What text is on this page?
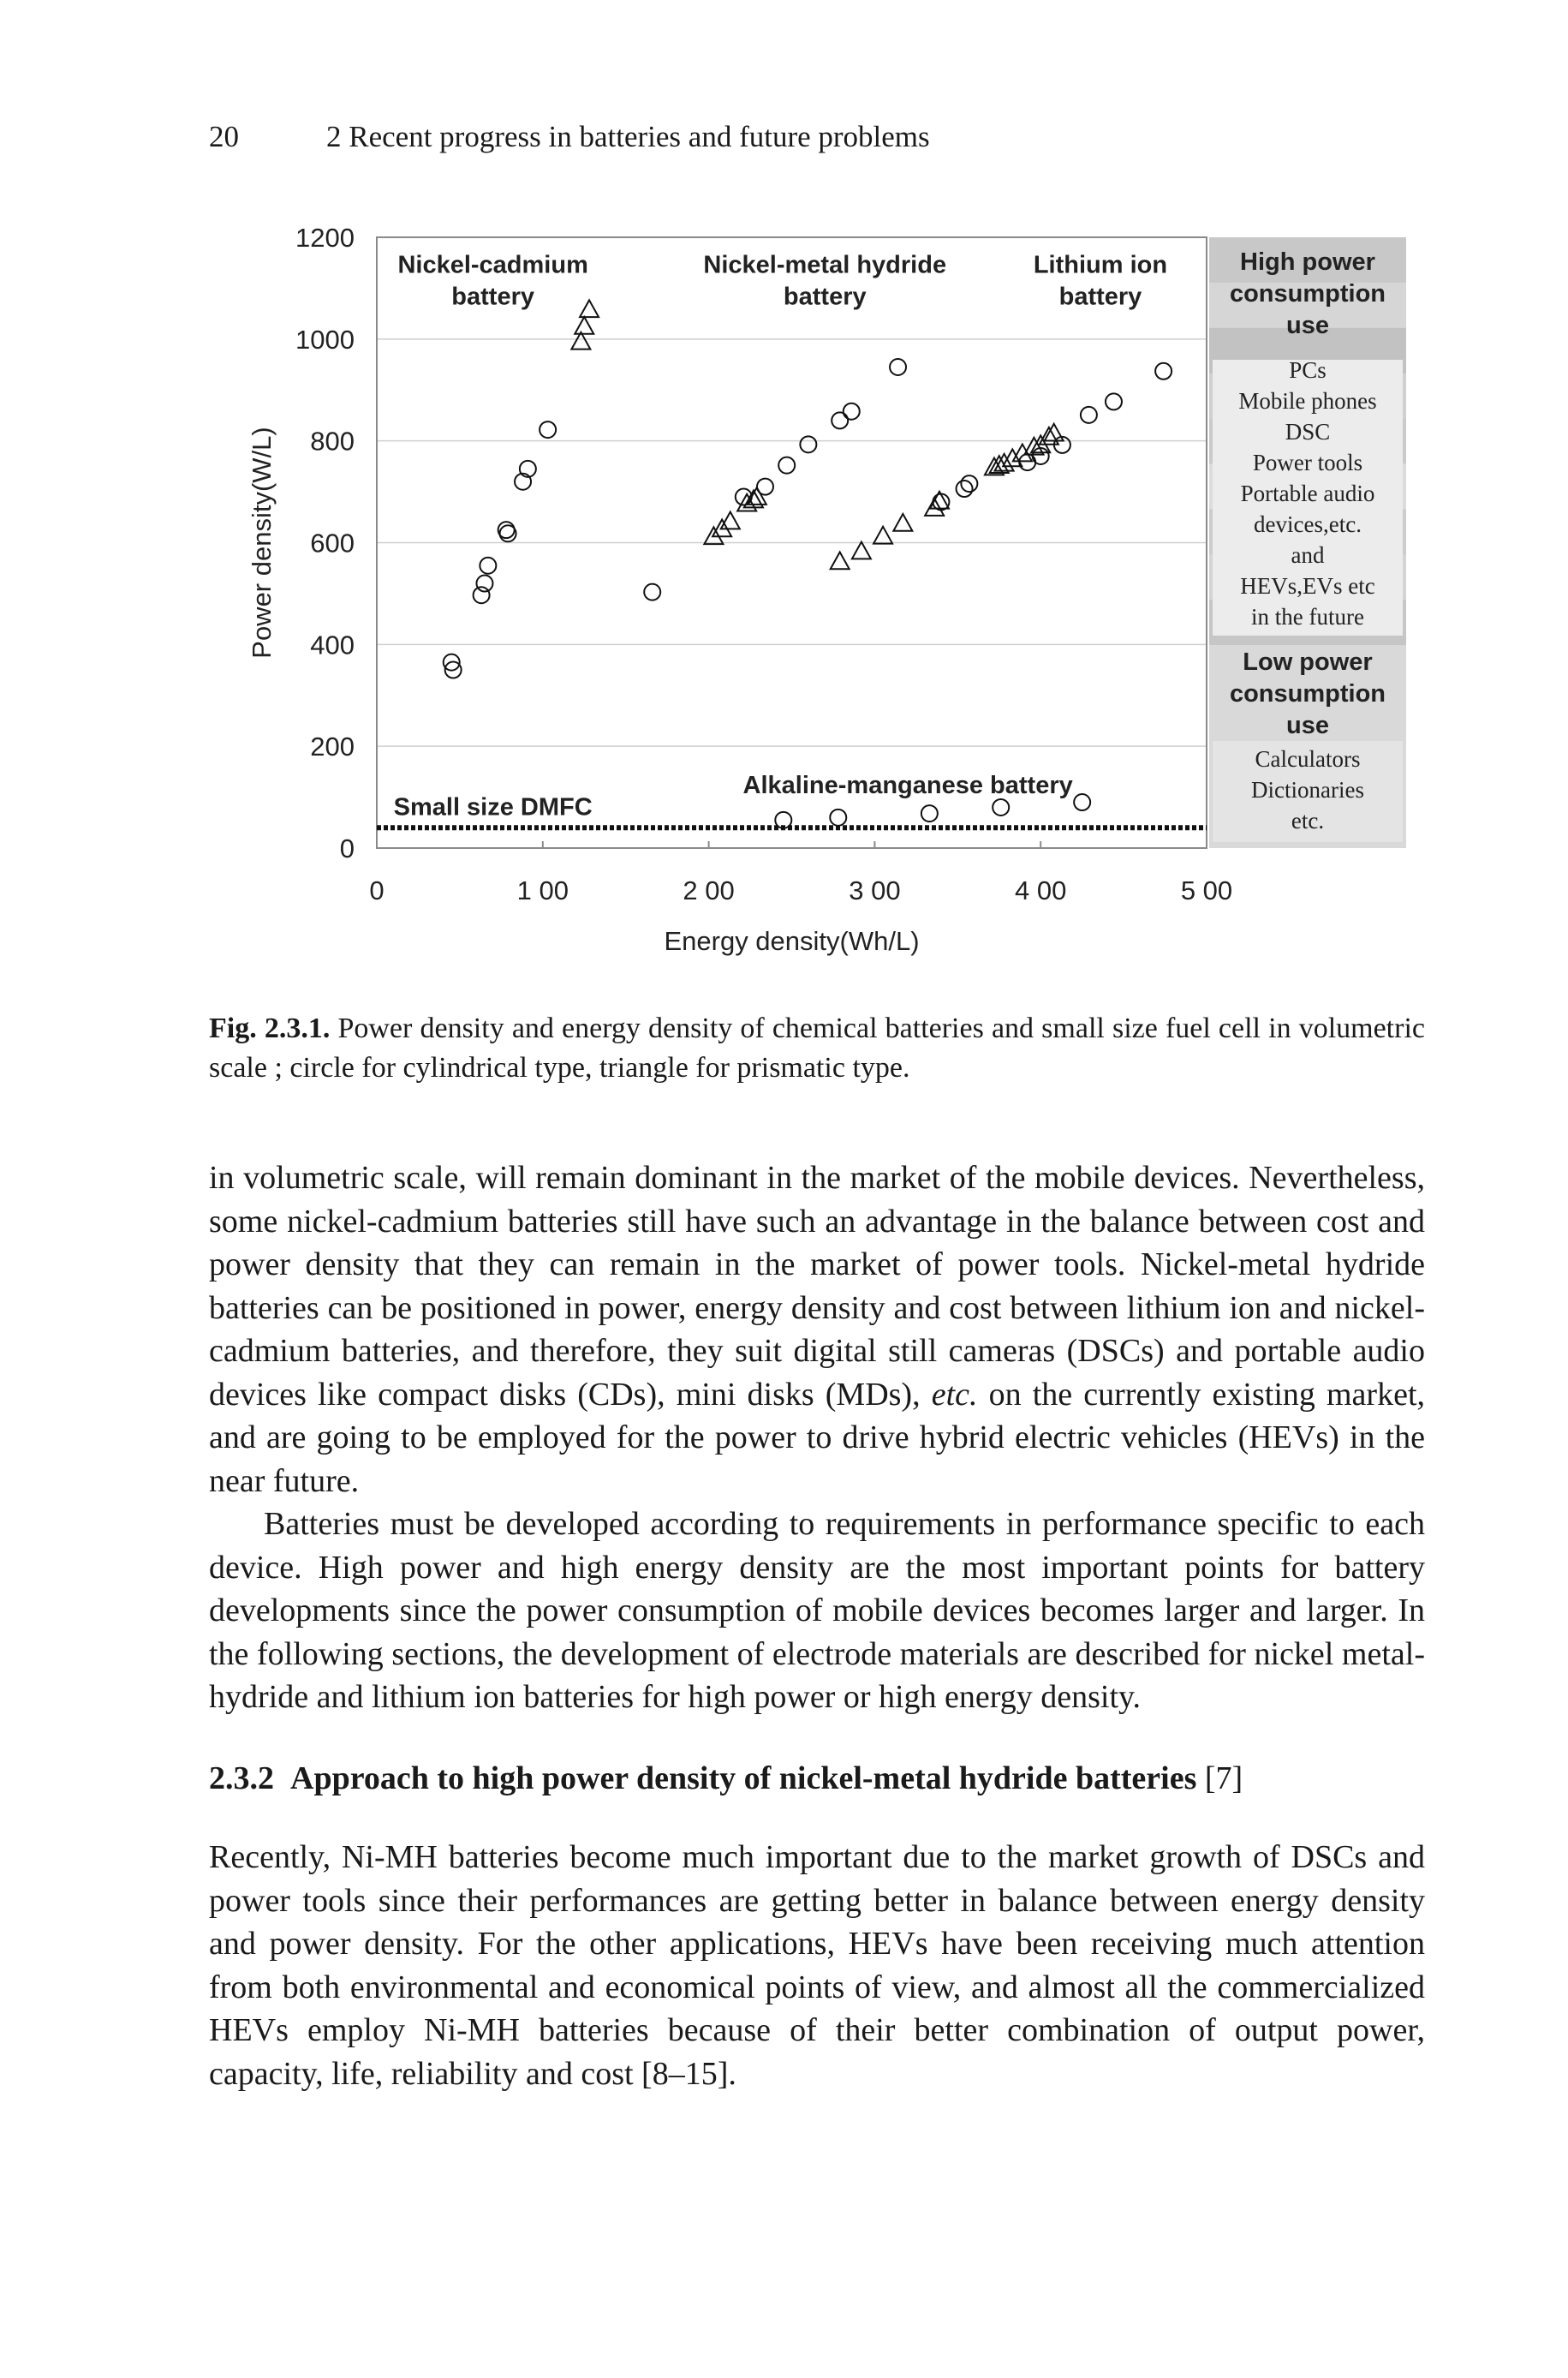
20	2 Recent progress in batteries and future problems
High power
consumption
use
PCs
Mobile phones
DSC
Power tools
Portable audio
devices,etc.
and
HEVs,EVs etc
in the future
Low power
consumption
use
Calculators
Dictionaries
etc.
0
200
400
600
800
1000
1200
0	1 00	2 00	3 00	4 00	5 00
Energy density(Wh/L)
Power density(W/L)
Nickel-cadmium
battery
Nickel-metal hydride
battery
Lithium ion
battery
Alkaline-manganese battery
Small size DMFC
Fig. 2.3.1. Power density and energy density of chemical batteries and small size fuel cell in volumetric scale ; circle for cylindrical type, triangle for prismatic type.

in volumetric scale, will remain dominant in the market of the mobile devices. Nevertheless, some nickel-cadmium batteries still have such an advantage in the balance between cost and power density that they can remain in the market of power tools. Nickel-metal hydride batteries can be positioned in power, energy density and cost between lithium ion and nickel-cadmium batteries, and therefore, they suit digital still cameras (DSCs) and portable audio devices like compact disks (CDs), mini disks (MDs), etc. on the currently existing market, and are going to be employed for the power to drive hybrid electric vehicles (HEVs) in the near future.

Batteries must be developed according to requirements in performance specific to each device. High power and high energy density are the most important points for battery developments since the power consumption of mobile devices becomes larger and larger. In the following sections, the development of electrode materials are described for nickel metal-hydride and lithium ion batteries for high power or high energy density.

2.3.2 Approach to high power density of nickel-metal hydride batteries [7]

Recently, Ni-MH batteries become much important due to the market growth of DSCs and power tools since their performances are getting better in balance between energy density and power density. For the other applications, HEVs have been receiving much attention from both environmental and economical points of view, and almost all the commercialized HEVs employ Ni-MH batteries because of their better combination of output power, capacity, life, reliability and cost [8–15].
